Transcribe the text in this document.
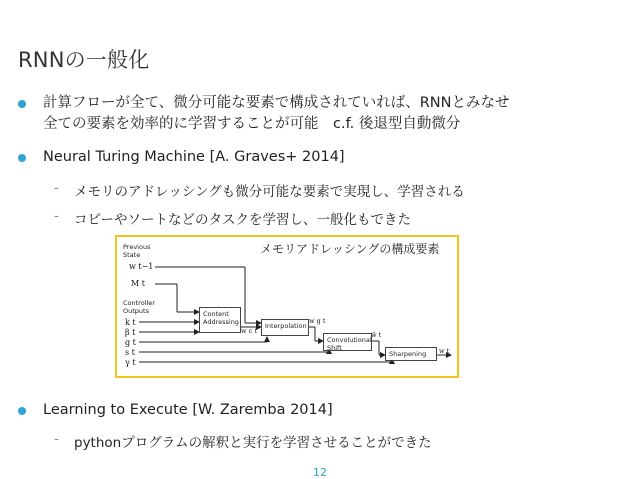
RNNの一般化
計算フローが全て、微分可能な要素で構成されていれば、RNNとみなせ
全ての要素を効率的に学習することが可能　c.f. 後退型自動微分
Neural Turing Machine [A. Graves+ 2014]
- メモリのアドレッシングも微分可能な要素で実現し、学習される
- コピーやソートなどのタスクを学習し、一般化もできた
メモリアドレッシングの構成要素
Previous
State
w t−1
M t
Controller
Outputs
k t
β t
g t
s t
γ t
Content
Addressing
w c t
Interpolation
w g t
Convolutional
Shift
w̃ t
Sharpening	w t
Learning to Execute [W. Zaremba 2014]
- pythonプログラムの解釈と実行を学習させることができた
12
